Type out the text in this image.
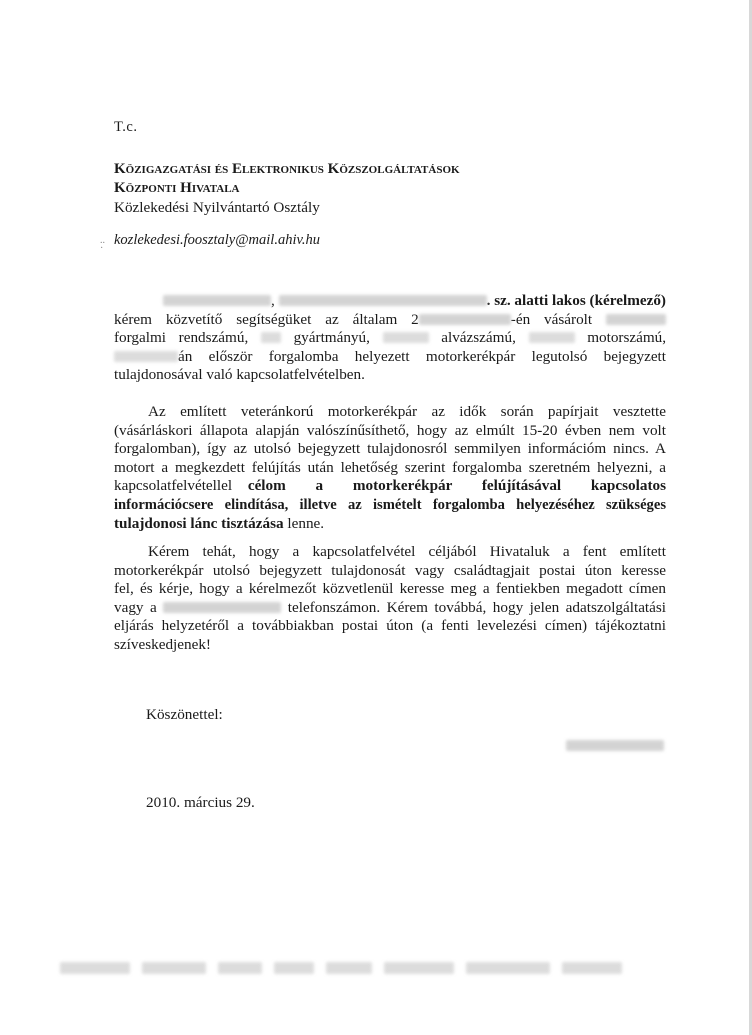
T.c.
Közigazgatási és Elektronikus Közszolgáltatások
Központi Hivatala
Közlekedési Nyilvántartó Osztály
..
·
kozlekedesi.foosztaly@mail.ahiv.hu
,	. sz. alatti lakos (kérelmező)
kérem közvetítő segítségüket az általam 2	-én vásárolt
forgalmi rendszámú,	gyártmányú,	alvázszámú,	motorszámú,
án először forgalomba helyezett motorkerékpár legutolsó bejegyzett
tulajdonosával való kapcsolatfelvételben.
Az említett veteránkorú motorkerékpár az idők során papírjait vesztette
(vásárláskori állapota alapján valószínűsíthető, hogy az elmúlt 15-20 évben nem volt
forgalomban), így az utolsó bejegyzett tulajdonosról semmilyen információm nincs. A
motort a megkezdett felújítás után lehetőség szerint forgalomba szeretném helyezni, a
kapcsolatfelvétellel célom a motorkerékpár felújításával kapcsolatos
információcsere elindítása, illetve az ismételt forgalomba helyezéséhez szükséges
tulajdonosi lánc tisztázása lenne.
Kérem tehát, hogy a kapcsolatfelvétel céljából Hivataluk a fent említett
motorkerékpár utolsó bejegyzett tulajdonosát vagy családtagjait postai úton keresse
fel, és kérje, hogy a kérelmezőt közvetlenül keresse meg a fentiekben megadott címen
vagy a	telefonszámon. Kérem továbbá, hogy jelen adatszolgáltatási
eljárás helyzetéről a továbbiakban postai úton (a fenti levelezési címen) tájékoztatni
szíveskedjenek!
Köszönettel:
2010. március 29.
